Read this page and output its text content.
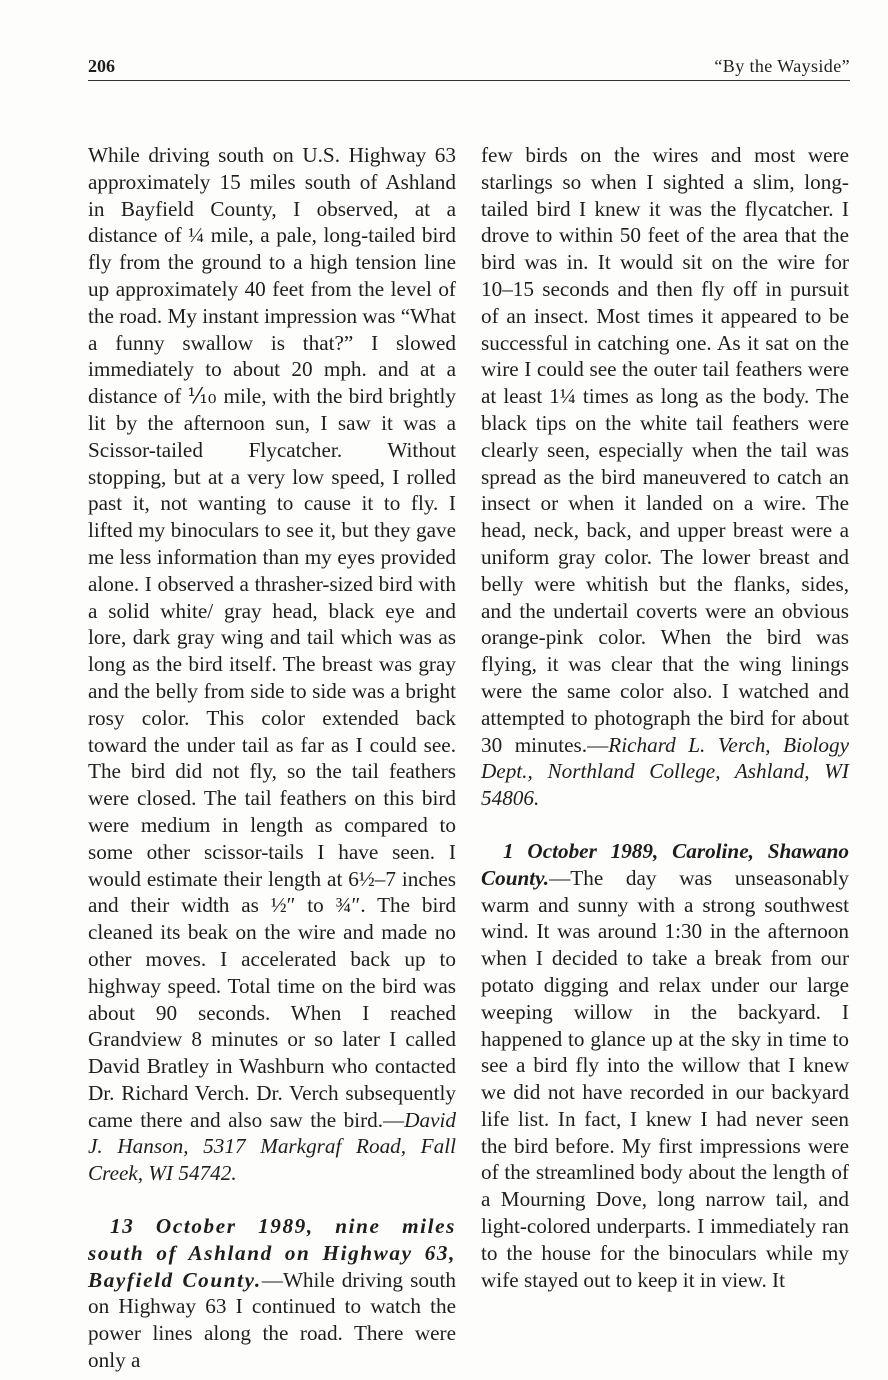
206	“By the Wayside”

While driving south on U.S. Highway 63 approximately 15 miles south of Ashland in Bayfield County, I observed, at a distance of ¼ mile, a pale, long-tailed bird fly from the ground to a high tension line up approximately 40 feet from the level of the road. My instant impression was “What a funny swallow is that?” I slowed immediately to about 20 mph. and at a distance of ⅒ mile, with the bird brightly lit by the afternoon sun, I saw it was a Scissor-tailed Flycatcher. Without stopping, but at a very low speed, I rolled past it, not wanting to cause it to fly. I lifted my binoculars to see it, but they gave me less information than my eyes provided alone. I observed a thrasher-sized bird with a solid white/ gray head, black eye and lore, dark gray wing and tail which was as long as the bird itself. The breast was gray and the belly from side to side was a bright rosy color. This color extended back toward the under tail as far as I could see. The bird did not fly, so the tail feathers were closed. The tail feathers on this bird were medium in length as compared to some other scissor-tails I have seen. I would estimate their length at 6½–7 inches and their width as ½″ to ¾″. The bird cleaned its beak on the wire and made no other moves. I accelerated back up to highway speed. Total time on the bird was about 90 seconds. When I reached Grandview 8 minutes or so later I called David Bratley in Washburn who contacted Dr. Richard Verch. Dr. Verch subsequently came there and also saw the bird.—David J. Hanson, 5317 Markgraf Road, Fall Creek, WI 54742.

13 October 1989, nine miles south of Ashland on Highway 63, Bayfield County.—While driving south on Highway 63 I continued to watch the power lines along the road. There were only a

few birds on the wires and most were starlings so when I sighted a slim, long-tailed bird I knew it was the flycatcher. I drove to within 50 feet of the area that the bird was in. It would sit on the wire for 10–15 seconds and then fly off in pursuit of an insect. Most times it appeared to be successful in catching one. As it sat on the wire I could see the outer tail feathers were at least 1¼ times as long as the body. The black tips on the white tail feathers were clearly seen, especially when the tail was spread as the bird maneuvered to catch an insect or when it landed on a wire. The head, neck, back, and upper breast were a uniform gray color. The lower breast and belly were whitish but the flanks, sides, and the undertail coverts were an obvious orange-pink color. When the bird was flying, it was clear that the wing linings were the same color also. I watched and attempted to photograph the bird for about 30 minutes.—Richard L. Verch, Biology Dept., Northland College, Ashland, WI 54806.

1 October 1989, Caroline, Shawano County.—The day was unseasonably warm and sunny with a strong southwest wind. It was around 1:30 in the afternoon when I decided to take a break from our potato digging and relax under our large weeping willow in the backyard. I happened to glance up at the sky in time to see a bird fly into the willow that I knew we did not have recorded in our backyard life list. In fact, I knew I had never seen the bird before. My first impressions were of the streamlined body about the length of a Mourning Dove, long narrow tail, and light-colored underparts. I immediately ran to the house for the binoculars while my wife stayed out to keep it in view. It
